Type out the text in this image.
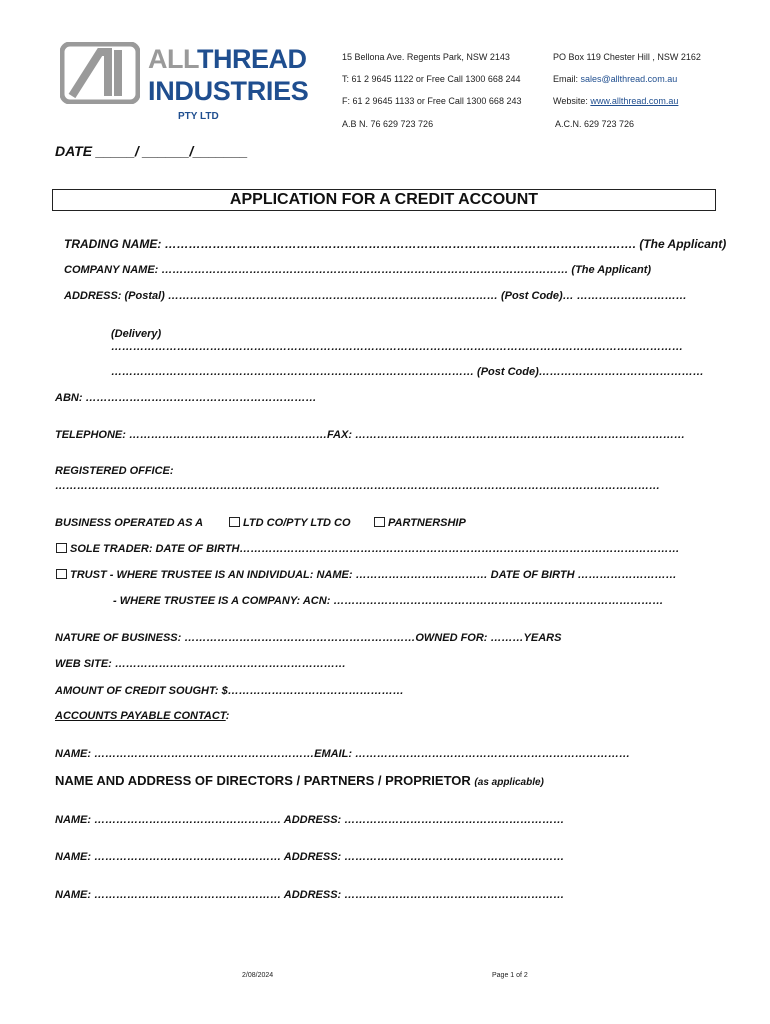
ALLTHREAD
INDUSTRIES
PTY LTD
15 Bellona Ave. Regents Park, NSW 2143
T: 61 2 9645 1122 or Free Call 1300 668 244
F: 61 2 9645 1133 or Free Call 1300 668 243
A.B N. 76 629 723 726
PO Box 119 Chester Hill , NSW 2162
Email: sales@allthread.com.au
Website: www.allthread.com.au
A.C.N. 629 723 726
DATE _____/ ______/_______
APPLICATION FOR A CREDIT ACCOUNT
TRADING NAME: ………………………………………………………………………………………………………. (The Applicant)
COMPANY NAME: ………………………………………………………………………………………………… (The Applicant)
ADDRESS: (Postal) ……………………………………………………………………………… (Post Code)… …………………………
(Delivery)
…………………………………………………………………………………………………………………………………………
……………………………………………………………………………………… (Post Code)………………………………………
ABN: ………………………………………………………
TELEPHONE: ………………………………………………FAX: ………………………………………………………………………………
REGISTERED OFFICE:
…………………………………………………………………………………………………………………………………………………
BUSINESS OPERATED AS A	LTD CO/PTY LTD CO	PARTNERSHIP
SOLE TRADER: DATE OF BIRTH…………………………………………………………………………………………………………
TRUST - WHERE TRUSTEE IS AN INDIVIDUAL: NAME: ……………………………… DATE OF BIRTH ………………………
- WHERE TRUSTEE IS A COMPANY: ACN: ………………………………………………………………………………
NATURE OF BUSINESS: ………………………………………………………OWNED FOR: ………YEARS
WEB SITE: ………………………………………………………
AMOUNT OF CREDIT SOUGHT: $…………………………………………
ACCOUNTS PAYABLE CONTACT:
NAME: ……………………………………………………EMAIL: …………………………………………………………………
NAME AND ADDRESS OF DIRECTORS / PARTNERS / PROPRIETOR (as applicable)
NAME: …………………………………………… ADDRESS: ……………………………………………………
NAME: …………………………………………… ADDRESS: ……………………………………………………
NAME: …………………………………………… ADDRESS: ……………………………………………………
2/08/2024	Page 1 of 2
